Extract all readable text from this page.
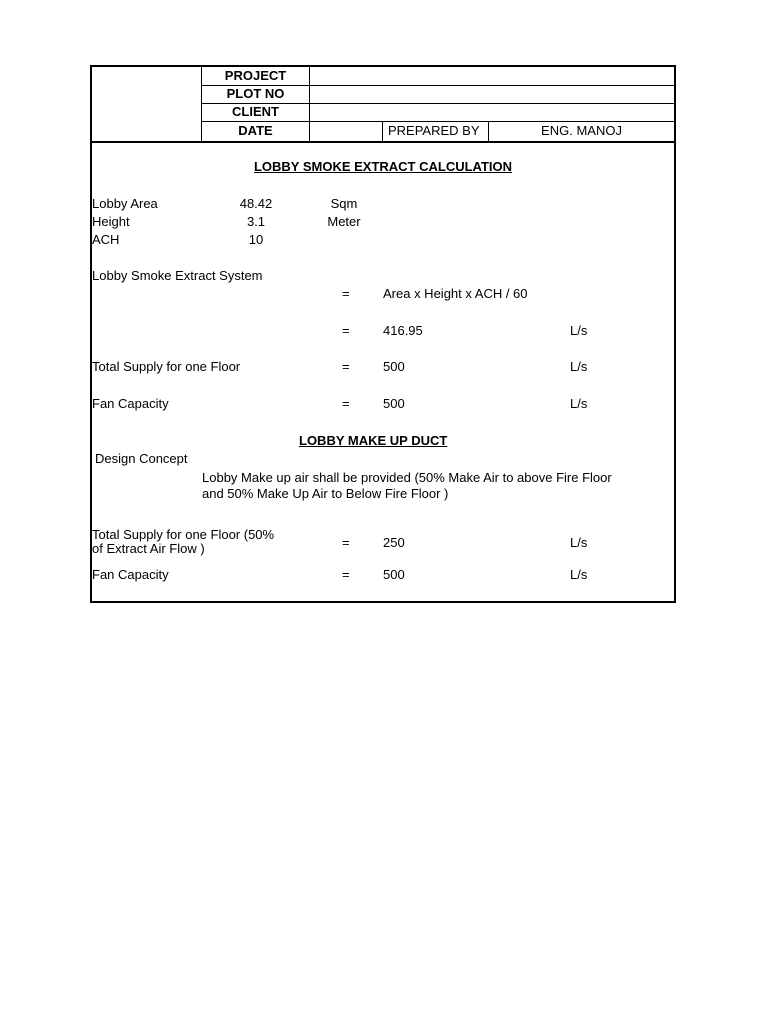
PROJECT
PLOT NO
CLIENT
DATE	PREPARED BY	ENG. MANOJ
LOBBY SMOKE EXTRACT CALCULATION
Lobby Area	48.42	Sqm
Height	3.1	Meter
ACH	10
Lobby Smoke Extract System
=	Area x Height x ACH / 60
=	416.95	L/s
Total Supply for one Floor	=	500	L/s
Fan Capacity	=	500	L/s
LOBBY MAKE UP DUCT
Design Concept
Lobby Make up air shall be provided (50% Make Air to above Fire Floor
and 50% Make Up Air to Below Fire Floor )
Total Supply for one Floor (50%
of Extract Air Flow )	=	250	L/s
Fan Capacity	=	500	L/s
